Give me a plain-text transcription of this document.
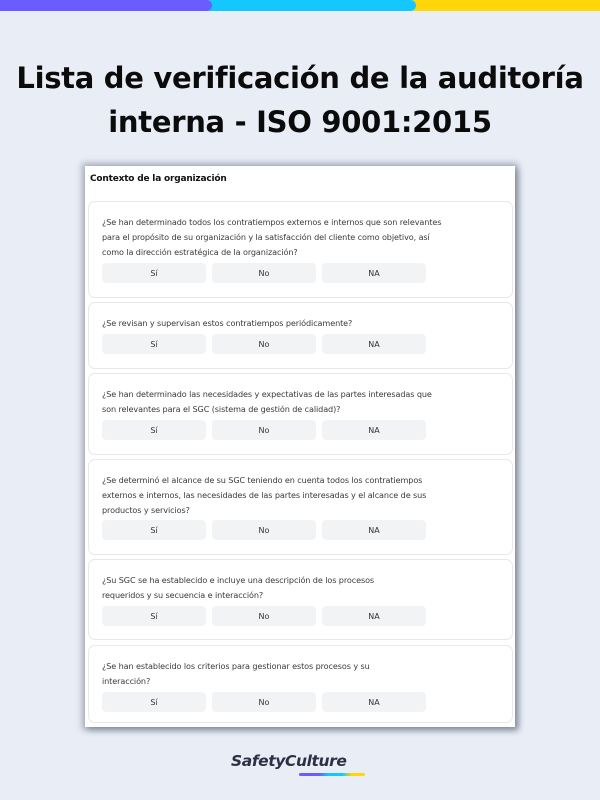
Lista de verificación de la auditoría
interna - ISO 9001:2015
Contexto de la organización
¿Se han determinado todos los contratiempos externos e internos que son relevantes para el propósito de su organización y la satisfacción del cliente como objetivo, así como la dirección estratégica de la organización?
Sí	No	NA
¿Se revisan y supervisan estos contratiempos periódicamente?
Sí	No	NA
¿Se han determinado las necesidades y expectativas de las partes interesadas que son relevantes para el SGC (sistema de gestión de calidad)?
Sí	No	NA
¿Se determinó el alcance de su SGC teniendo en cuenta todos los contratiempos externos e internos, las necesidades de las partes interesadas y el alcance de sus productos y servicios?
Sí	No	NA
¿Su SGC se ha establecido e incluye una descripción de los procesos requeridos y su secuencia e interacción?
Sí	No	NA
¿Se han establecido los criterios para gestionar estos procesos y su interacción?
Sí	No	NA
SafetyCulture
